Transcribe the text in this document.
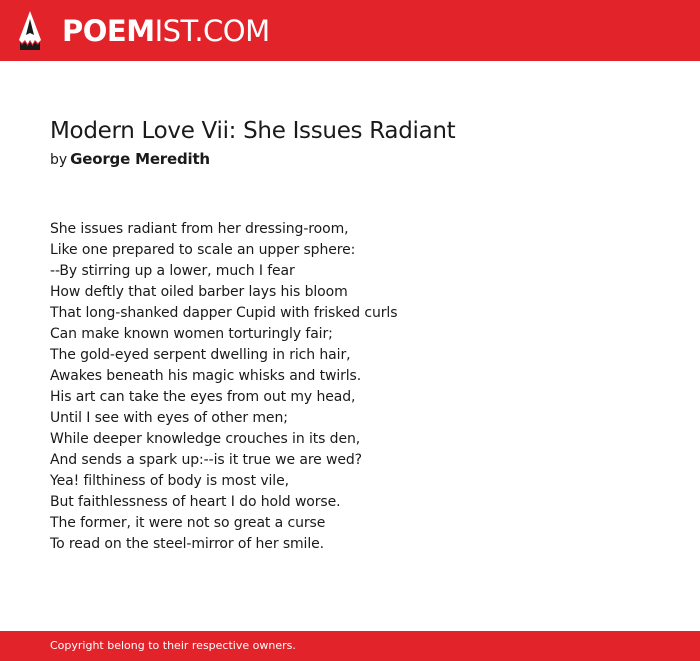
POEMIST.COM
Modern Love Vii: She Issues Radiant
by George Meredith
She issues radiant from her dressing-room,
Like one prepared to scale an upper sphere:
--By stirring up a lower, much I fear
How deftly that oiled barber lays his bloom
That long-shanked dapper Cupid with frisked curls
Can make known women torturingly fair;
The gold-eyed serpent dwelling in rich hair,
Awakes beneath his magic whisks and twirls.
His art can take the eyes from out my head,
Until I see with eyes of other men;
While deeper knowledge crouches in its den,
And sends a spark up:--is it true we are wed?
Yea! filthiness of body is most vile,
But faithlessness of heart I do hold worse.
The former, it were not so great a curse
To read on the steel-mirror of her smile.
Copyright belong to their respective owners.
